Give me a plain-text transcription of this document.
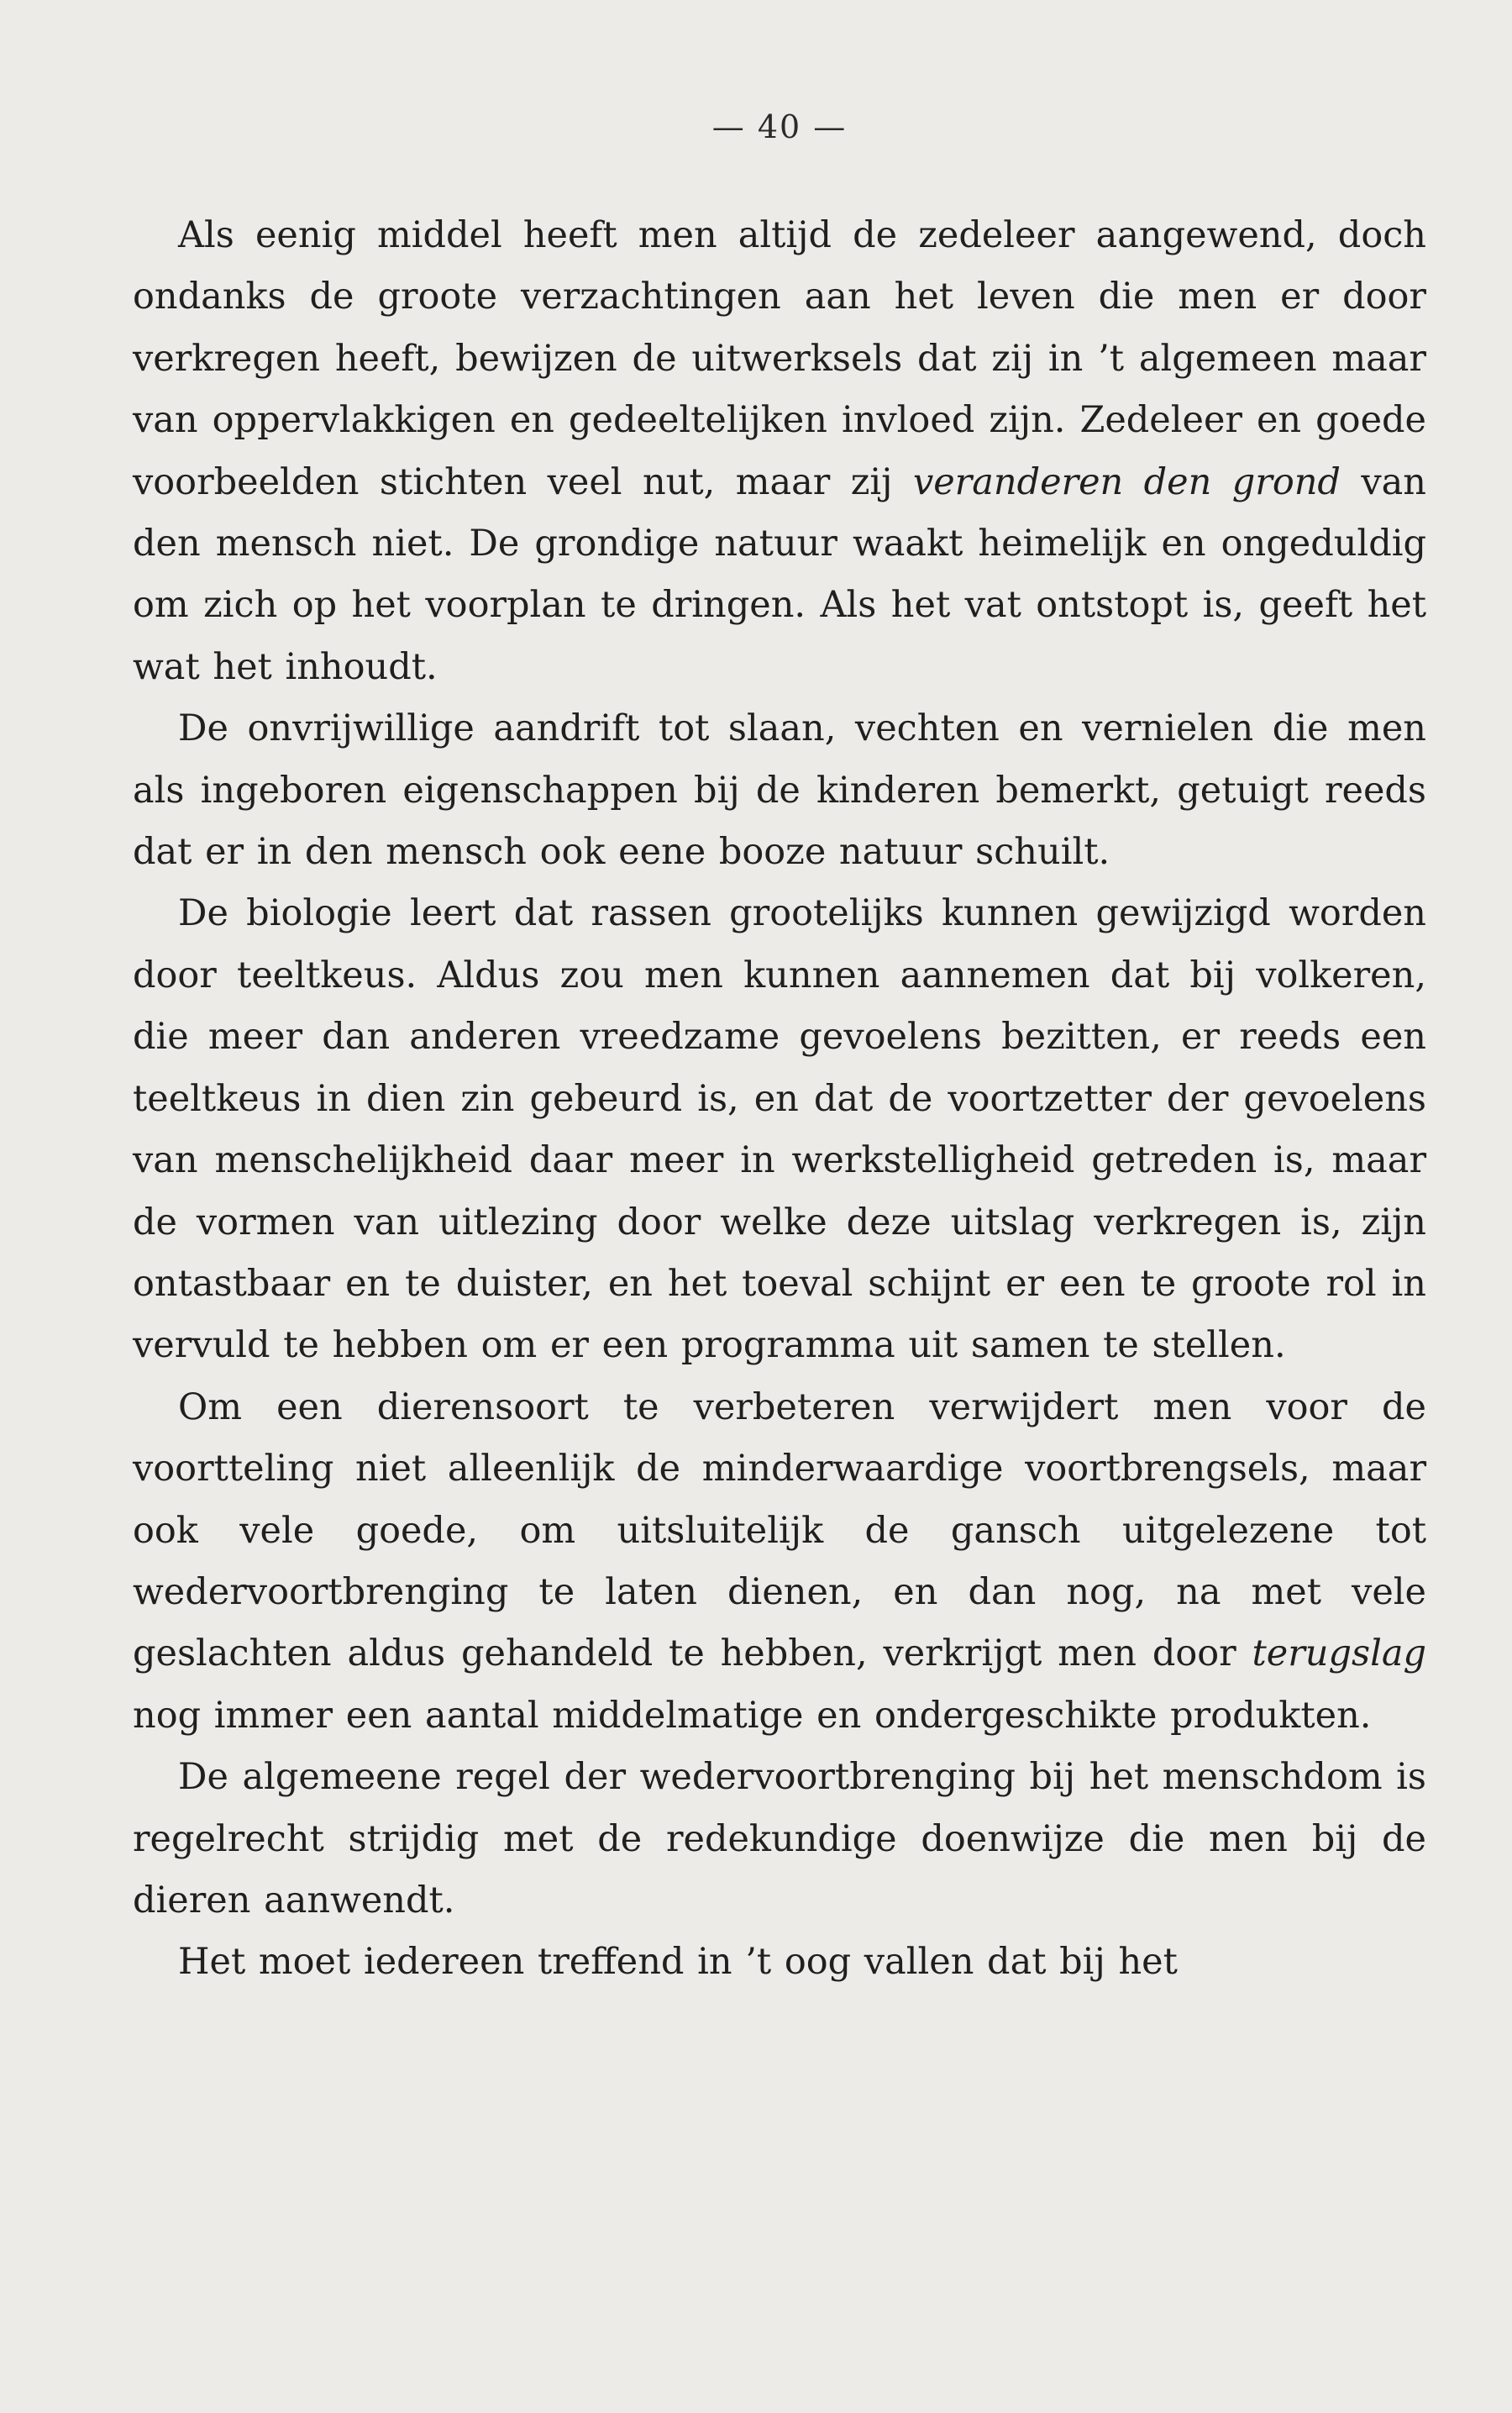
— 40 —

Als eenig middel heeft men altijd de zedeleer aangewend, doch ondanks de groote verzachtingen aan het leven die men er door verkregen heeft, bewijzen de uitwerksels dat zij in ’t algemeen maar van oppervlakkigen en gedeeltelijken invloed zijn. Zedeleer en goede voorbeelden stichten veel nut, maar zij veranderen den grond van den mensch niet. De grondige natuur waakt heimelijk en ongeduldig om zich op het voorplan te dringen. Als het vat ontstopt is, geeft het wat het inhoudt.

De onvrijwillige aandrift tot slaan, vechten en vernielen die men als ingeboren eigenschappen bij de kinderen bemerkt, getuigt reeds dat er in den mensch ook eene booze natuur schuilt.

De biologie leert dat rassen grootelijks kunnen gewijzigd worden door teeltkeus. Aldus zou men kunnen aannemen dat bij volkeren, die meer dan anderen vreedzame gevoelens bezitten, er reeds een teeltkeus in dien zin gebeurd is, en dat de voortzetter der gevoelens van menschelijkheid daar meer in werkstelligheid getreden is, maar de vormen van uitlezing door welke deze uitslag verkregen is, zijn ontastbaar en te duister, en het toeval schijnt er een te groote rol in vervuld te hebben om er een programma uit samen te stellen.

Om een dierensoort te verbeteren verwijdert men voor de voortteling niet alleenlijk de minderwaardige voortbrengsels, maar ook vele goede, om uitsluitelijk de gansch uitgelezene tot wedervoortbrenging te laten dienen, en dan nog, na met vele geslachten aldus gehandeld te hebben, verkrijgt men door terugslag nog immer een aantal middelmatige en ondergeschikte produkten.

De algemeene regel der wedervoortbrenging bij het menschdom is regelrecht strijdig met de redekundige doenwijze die men bij de dieren aanwendt.

Het moet iedereen treffend in ’t oog vallen dat bij het
